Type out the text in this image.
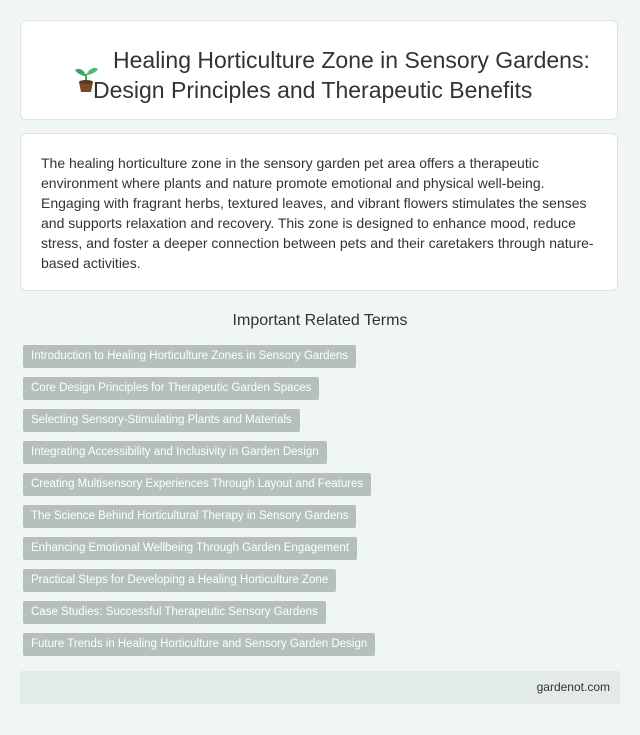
Healing Horticulture Zone in Sensory Gardens: Design Principles and Therapeutic Benefits

The healing horticulture zone in the sensory garden pet area offers a therapeutic environment where plants and nature promote emotional and physical well-being. Engaging with fragrant herbs, textured leaves, and vibrant flowers stimulates the senses and supports relaxation and recovery. This zone is designed to enhance mood, reduce stress, and foster a deeper connection between pets and their caretakers through nature-based activities.

Important Related Terms
Introduction to Healing Horticulture Zones in Sensory Gardens
Core Design Principles for Therapeutic Garden Spaces
Selecting Sensory-Stimulating Plants and Materials
Integrating Accessibility and Inclusivity in Garden Design
Creating Multisensory Experiences Through Layout and Features
The Science Behind Horticultural Therapy in Sensory Gardens
Enhancing Emotional Wellbeing Through Garden Engagement
Practical Steps for Developing a Healing Horticulture Zone
Case Studies: Successful Therapeutic Sensory Gardens
Future Trends in Healing Horticulture and Sensory Garden Design
gardenot.com
